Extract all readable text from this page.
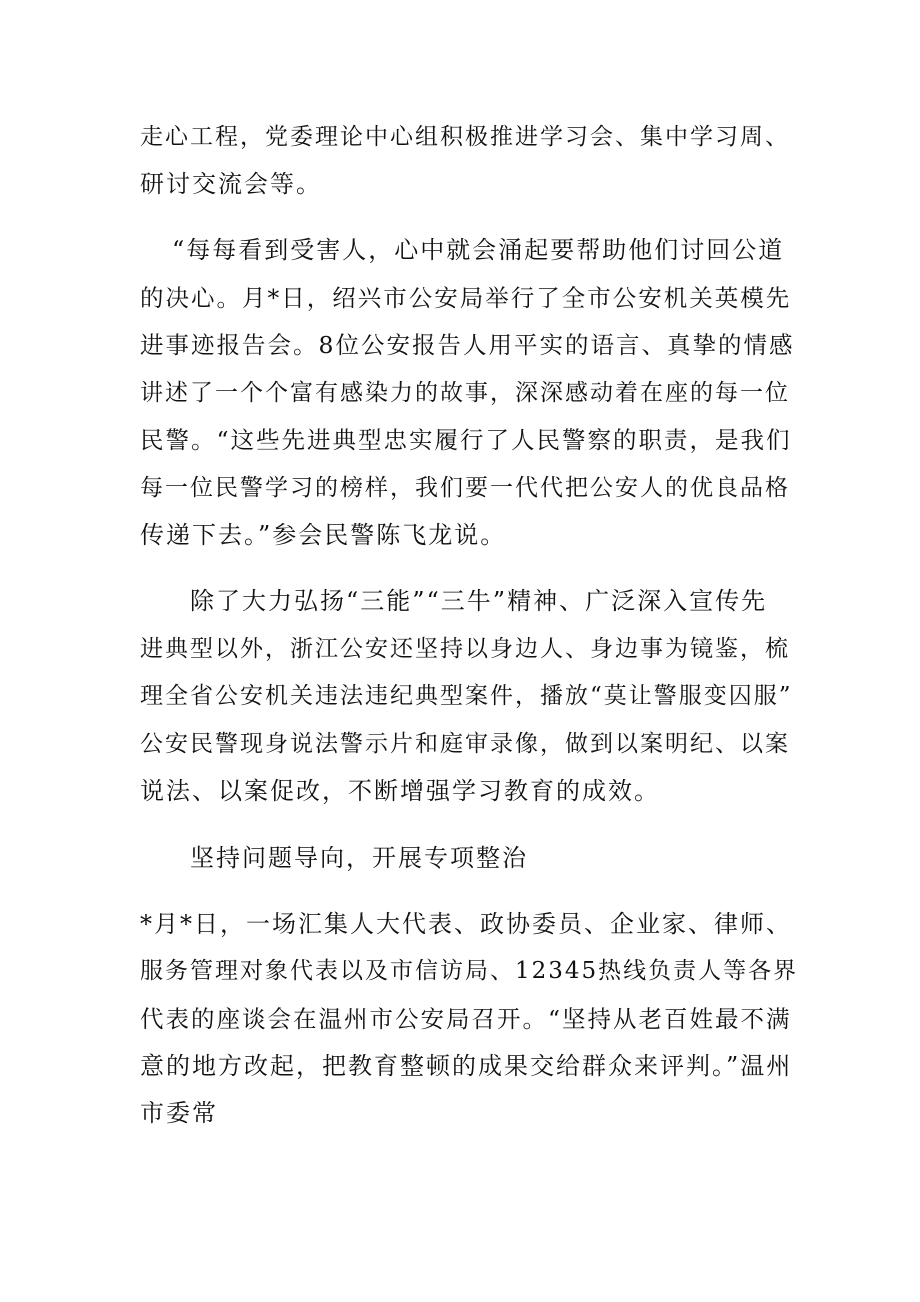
走心工程，党委理论中心组积极推进学习会、集中学习周、
研讨交流会等。
“每每看到受害人，心中就会涌起要帮助他们讨回公道
的决心。月*日，绍兴市公安局举行了全市公安机关英模先
进事迹报告会。8位公安报告人用平实的语言、真挚的情感
讲述了一个个富有感染力的故事，深深感动着在座的每一位
民警。“这些先进典型忠实履行了人民警察的职责，是我们
每一位民警学习的榜样，我们要一代代把公安人的优良品格
传递下去。”参会民警陈飞龙说。
除了大力弘扬“三能”“三牛”精神、广泛深入宣传先
进典型以外，浙江公安还坚持以身边人、身边事为镜鉴，梳
理全省公安机关违法违纪典型案件，播放“莫让警服变囚服”
公安民警现身说法警示片和庭审录像，做到以案明纪、以案
说法、以案促改，不断增强学习教育的成效。
坚持问题导向，开展专项整治
*月*日，一场汇集人大代表、政协委员、企业家、律师、
服务管理对象代表以及市信访局、12345热线负责人等各界
代表的座谈会在温州市公安局召开。“坚持从老百姓最不满
意的地方改起，把教育整顿的成果交给群众来评判。”温州
市委常
